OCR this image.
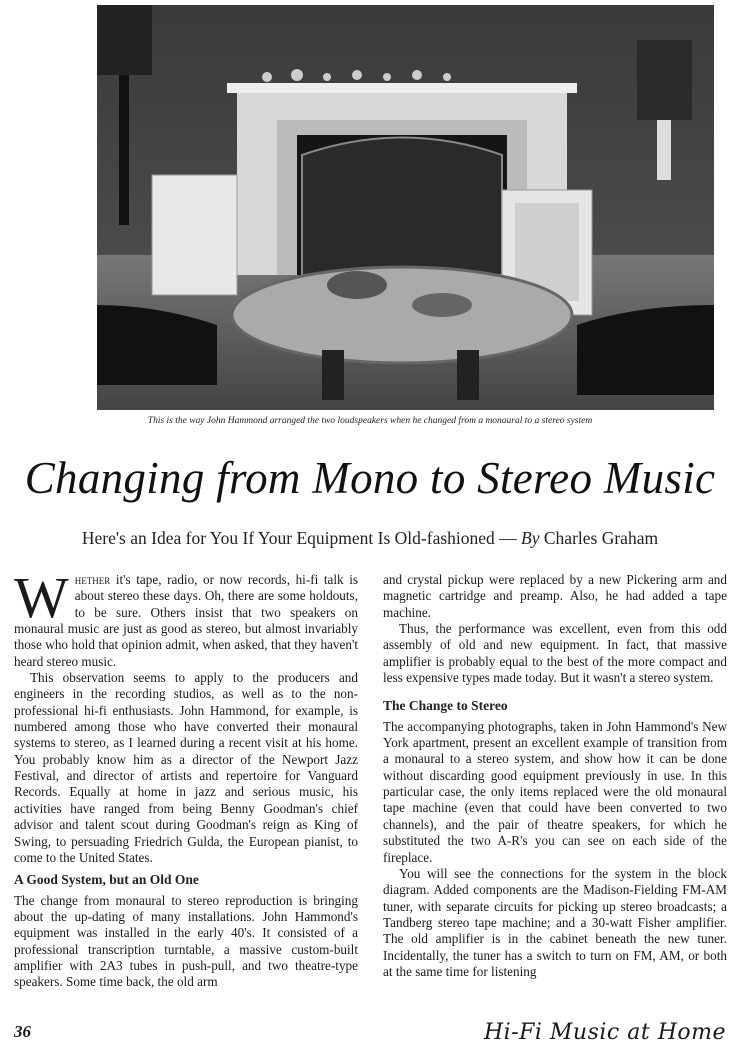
This is the way John Hammond arranged the two loudspeakers when he changed from a monaural to a stereo system
Changing from Mono to Stereo Music
Here's an Idea for You If Your Equipment Is Old-fashioned — By Charles Graham

Whether it's tape, radio, or now records, hi-fi talk is about stereo these days. Oh, there are some holdouts, to be sure. Others insist that two speakers on monaural music are just as good as stereo, but almost invariably those who hold that opinion admit, when asked, that they haven't heard stereo music.

This observation seems to apply to the producers and engineers in the recording studios, as well as to the non-professional hi-fi enthusiasts. John Hammond, for example, is numbered among those who have converted their monaural systems to stereo, as I learned during a recent visit at his home. You probably know him as a director of the Newport Jazz Festival, and director of artists and repertoire for Vanguard Records. Equally at home in jazz and serious music, his activities have ranged from being Benny Goodman's chief advisor and talent scout during Goodman's reign as King of Swing, to persuading Friedrich Gulda, the European pianist, to come to the United States.

A Good System, but an Old One

The change from monaural to stereo reproduction is bringing about the up-dating of many installations. John Hammond's equipment was installed in the early 40's. It consisted of a professional transcription turntable, a massive custom-built amplifier with 2A3 tubes in push-pull, and two theatre-type speakers. Some time back, the old arm

and crystal pickup were replaced by a new Pickering arm and magnetic cartridge and preamp. Also, he had added a tape machine.

Thus, the performance was excellent, even from this odd assembly of old and new equipment. In fact, that massive amplifier is probably equal to the best of the more compact and less expensive types made today. But it wasn't a stereo system.

The Change to Stereo

The accompanying photographs, taken in John Hammond's New York apartment, present an excellent example of transition from a monaural to a stereo system, and show how it can be done without discarding good equipment previously in use. In this particular case, the only items replaced were the old monaural tape machine (even that could have been converted to two channels), and the pair of theatre speakers, for which he substituted the two A-R's you can see on each side of the fireplace.

You will see the connections for the system in the block diagram. Added components are the Madison-Fielding FM-AM tuner, with separate circuits for picking up stereo broadcasts; a Tandberg stereo tape machine; and a 30-watt Fisher amplifier. The old amplifier is in the cabinet beneath the new tuner. Incidentally, the tuner has a switch to turn on FM, AM, or both at the same time for listening

36	Hi-Fi Music at Home
